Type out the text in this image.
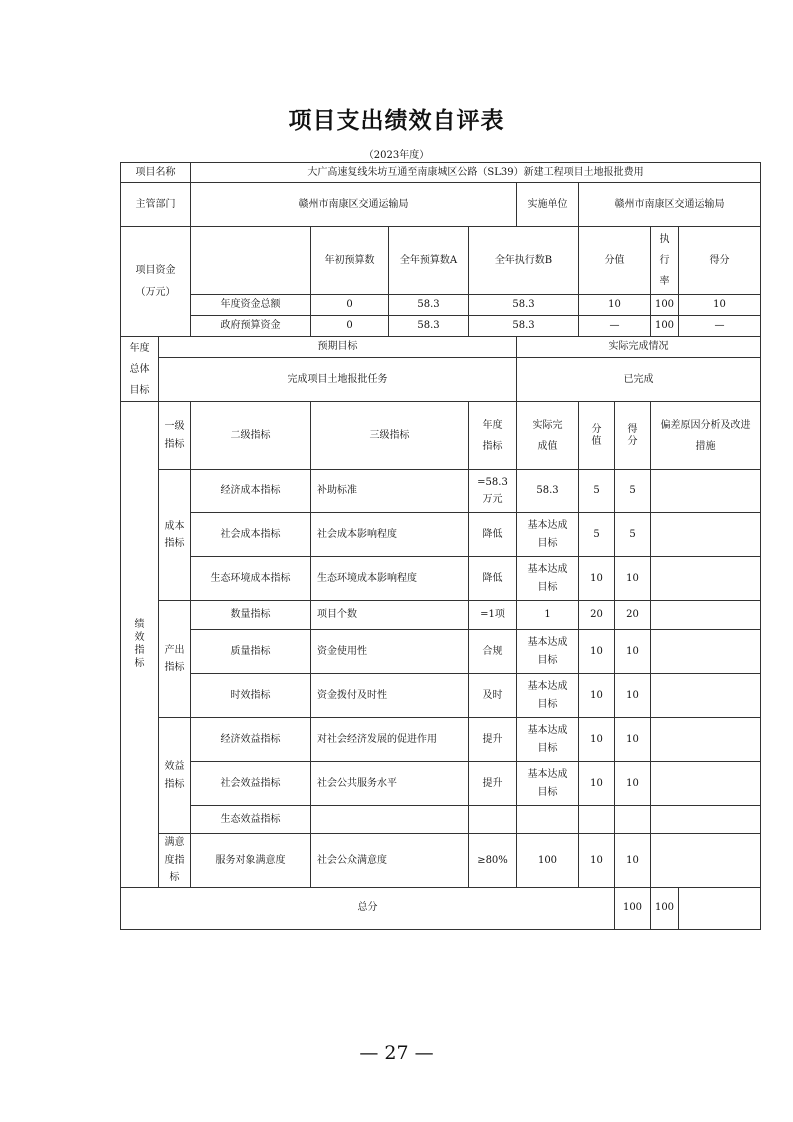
项目支出绩效自评表
（2023年度）
项目名称		大广高速复线朱坊互通至南康城区公路（SL39）新建工程项目土地报批费用								
主管部门		赣州市南康区交通运输局				实施单位	赣州市南康区交通运输局			
项目资金（万元）			年初预算数	全年预算数A	全年执行数B		分值		执行率	得分
		年度资金总额	0	58.3	58.3		10		100	10
		政府预算资金	0	58.3	58.3		—		100	—
年度总体目标	预期目标					实际完成情况				
	完成项目土地报批任务					已完成				
绩效指标	一级指标	二级指标	三级指标		年度指标	实际完成值	分值	得分	偏差原因分析及改进措施	
	成本指标	经济成本指标	补助标准		=58.3万元	58.3	5	5		
		社会成本指标	社会成本影响程度		降低	基本达成目标	5	5		
		生态环境成本指标	生态环境成本影响程度		降低	基本达成目标	10	10		
	产出指标	数量指标	项目个数		=1项	1	20	20		
		质量指标	资金使用性		合规	基本达成目标	10	10		
		时效指标	资金拨付及时性		及时	基本达成目标	10	10		
	效益指标	经济效益指标	对社会经济发展的促进作用		提升	基本达成目标	10	10		
		社会效益指标	社会公共服务水平		提升	基本达成目标	10	10		
		生态效益指标								
	满意度指标	服务对象满意度	社会公众满意度		≥80%	100	10	10		
总分								100	100	
— 27 —
